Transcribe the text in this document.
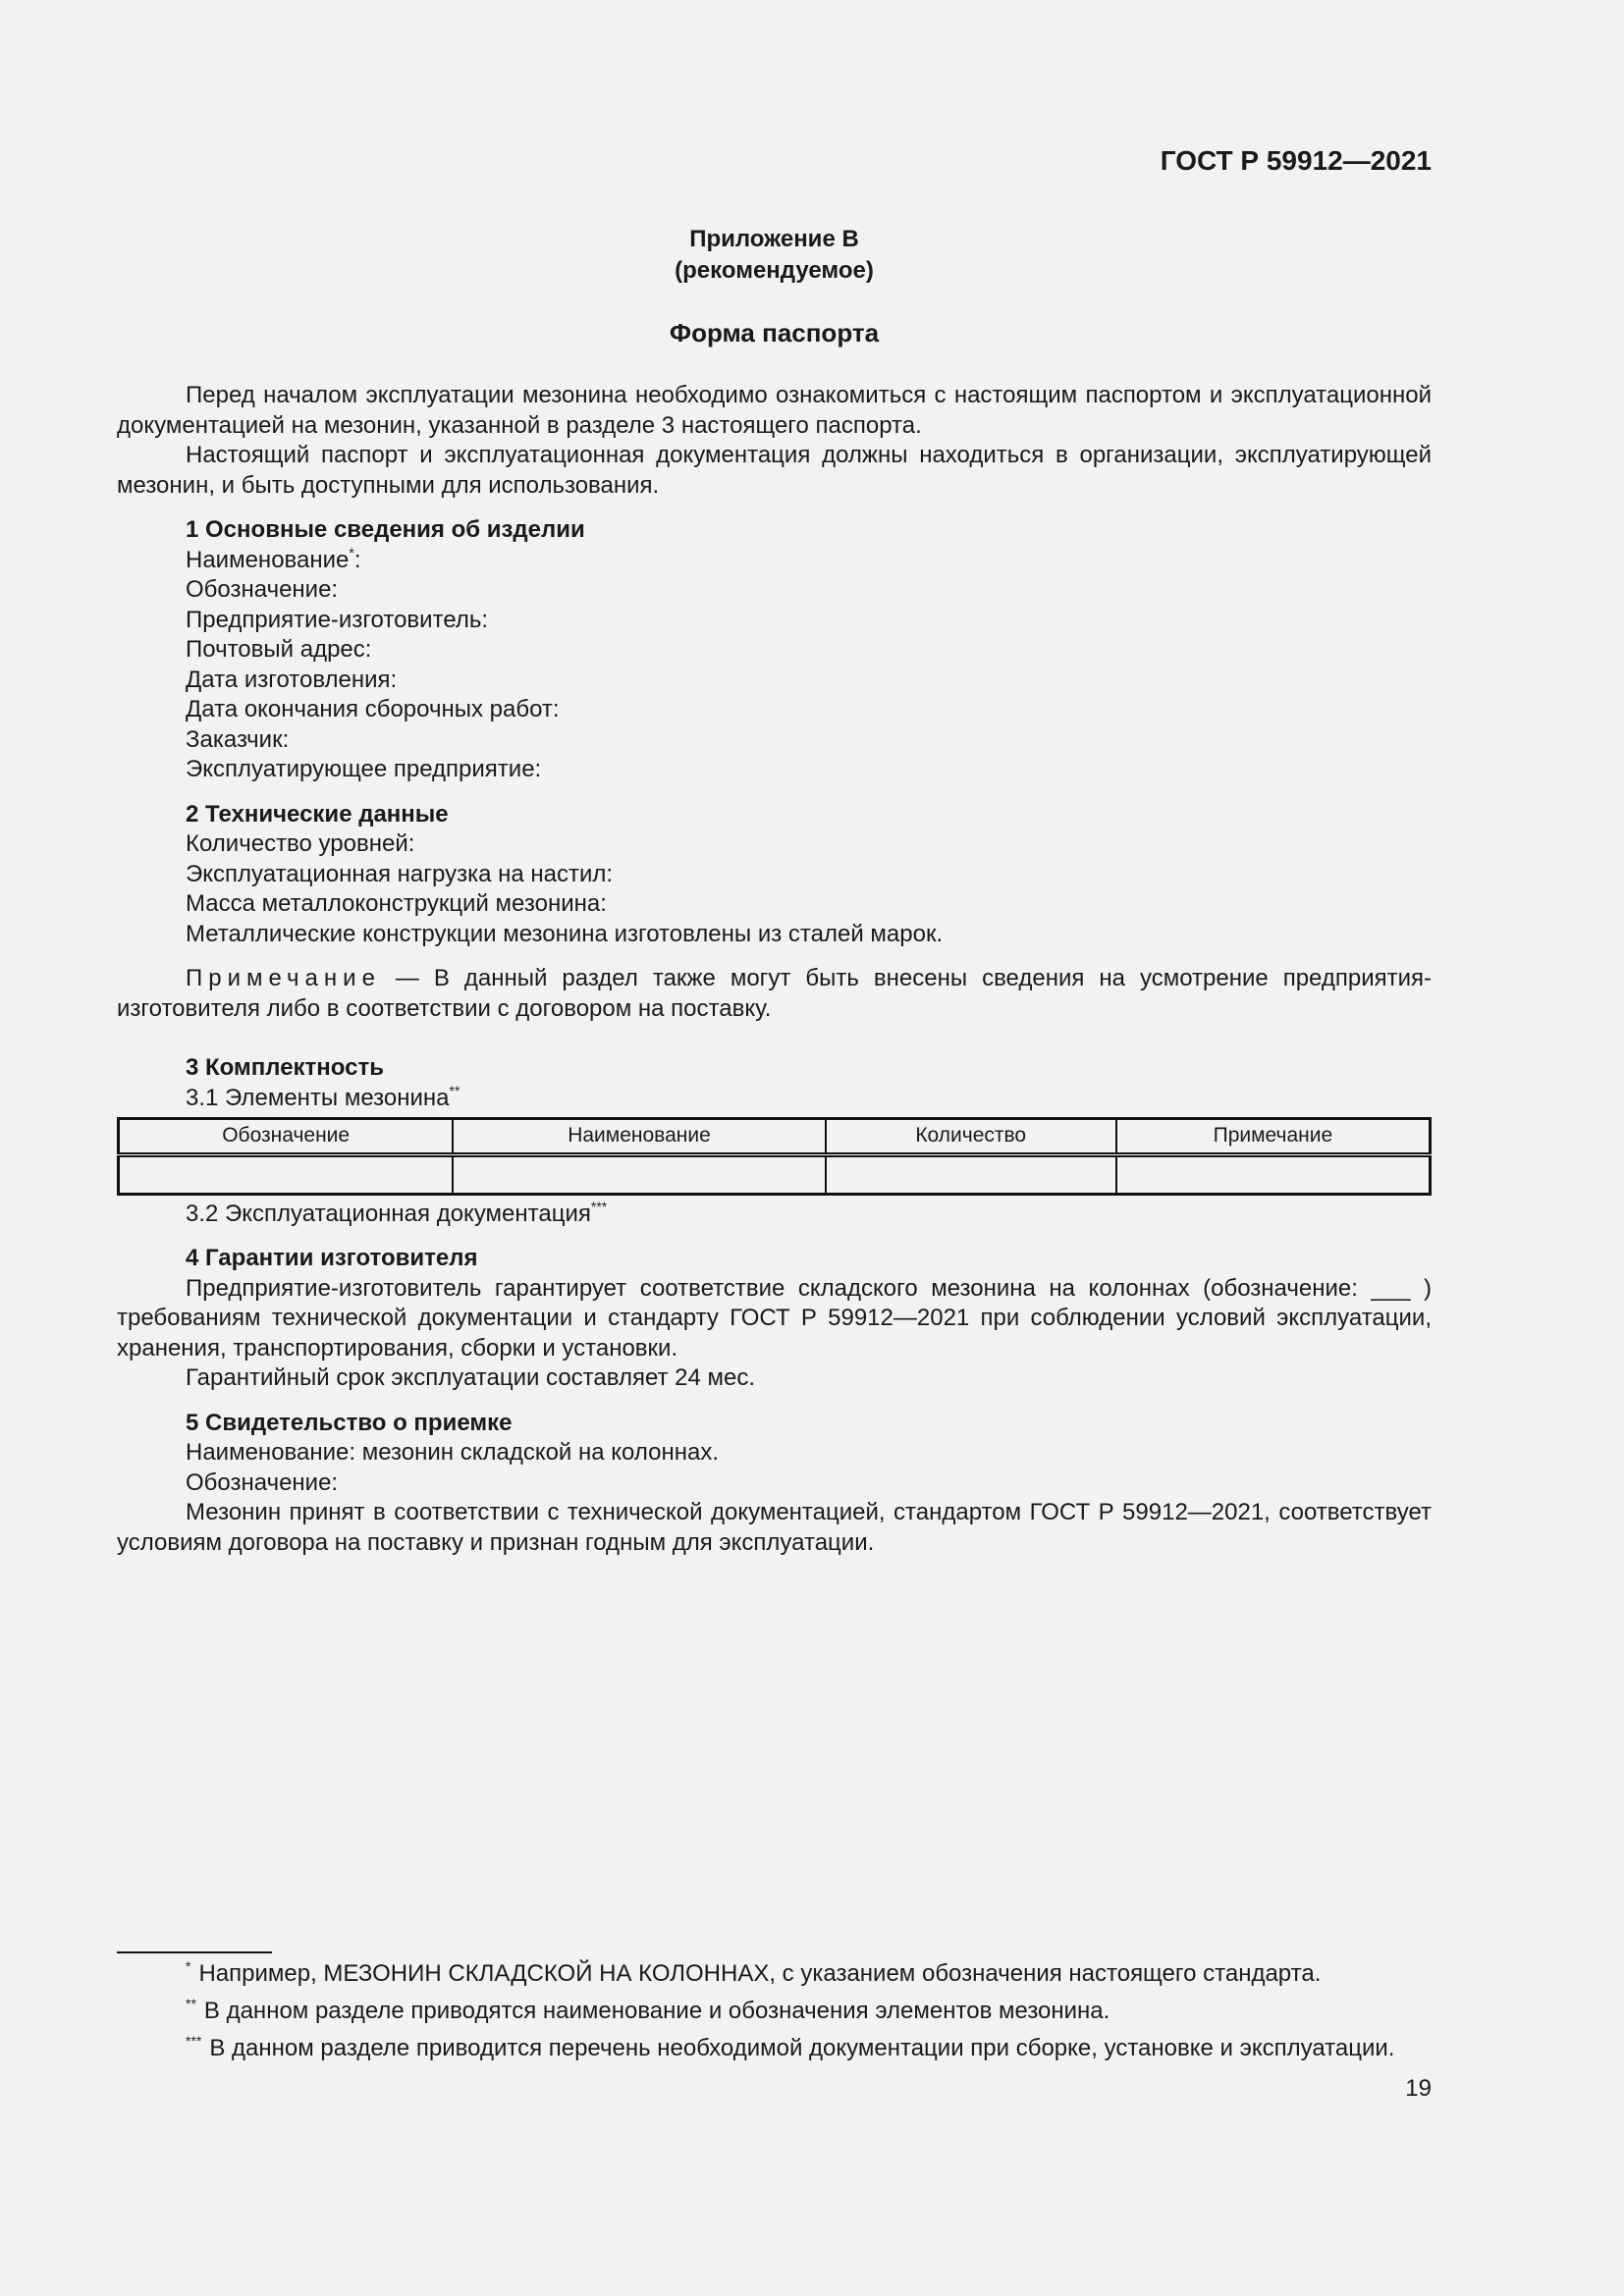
ГОСТ Р 59912—2021
Приложение В
(рекомендуемое)
Форма паспорта

Перед началом эксплуатации мезонина необходимо ознакомиться с настоящим паспортом и эксплуатационной документацией на мезонин, указанной в разделе 3 настоящего паспорта.

Настоящий паспорт и эксплуатационная документация должны находиться в организации, эксплуатирующей мезонин, и быть доступными для использования.

1 Основные сведения об изделии

Наименование*:

Обозначение:

Предприятие-изготовитель:

Почтовый адрес:

Дата изготовления:

Дата окончания сборочных работ:

Заказчик:

Эксплуатирующее предприятие:

2 Технические данные

Количество уровней:

Эксплуатационная нагрузка на настил:

Масса металлоконструкций мезонина:

Металлические конструкции мезонина изготовлены из сталей марок.

Примечание — В данный раздел также могут быть внесены сведения на усмотрение предприятия-изготовителя либо в соответствии с договором на поставку.

3 Комплектность

3.1 Элементы мезонина**

Обозначение	Наименование	Количество	Примечание

3.2 Эксплуатационная документация***

4 Гарантии изготовителя

Предприятие-изготовитель гарантирует соответствие складского мезонина на колоннах (обозначение: ___ ) требованиям технической документации и стандарту ГОСТ Р 59912—2021 при соблюдении условий эксплуатации, хранения, транспортирования, сборки и установки.

Гарантийный срок эксплуатации составляет 24 мес.

5 Свидетельство о приемке

Наименование: мезонин складской на колоннах.

Обозначение:

Мезонин принят в соответствии с технической документацией, стандартом ГОСТ Р 59912—2021, соответствует условиям договора на поставку и признан годным для эксплуатации.

* Например, МЕЗОНИН СКЛАДСКОЙ НА КОЛОННАХ, с указанием обозначения настоящего стандарта.

** В данном разделе приводятся наименование и обозначения элементов мезонина.

*** В данном разделе приводится перечень необходимой документации при сборке, установке и эксплуатации.

19
